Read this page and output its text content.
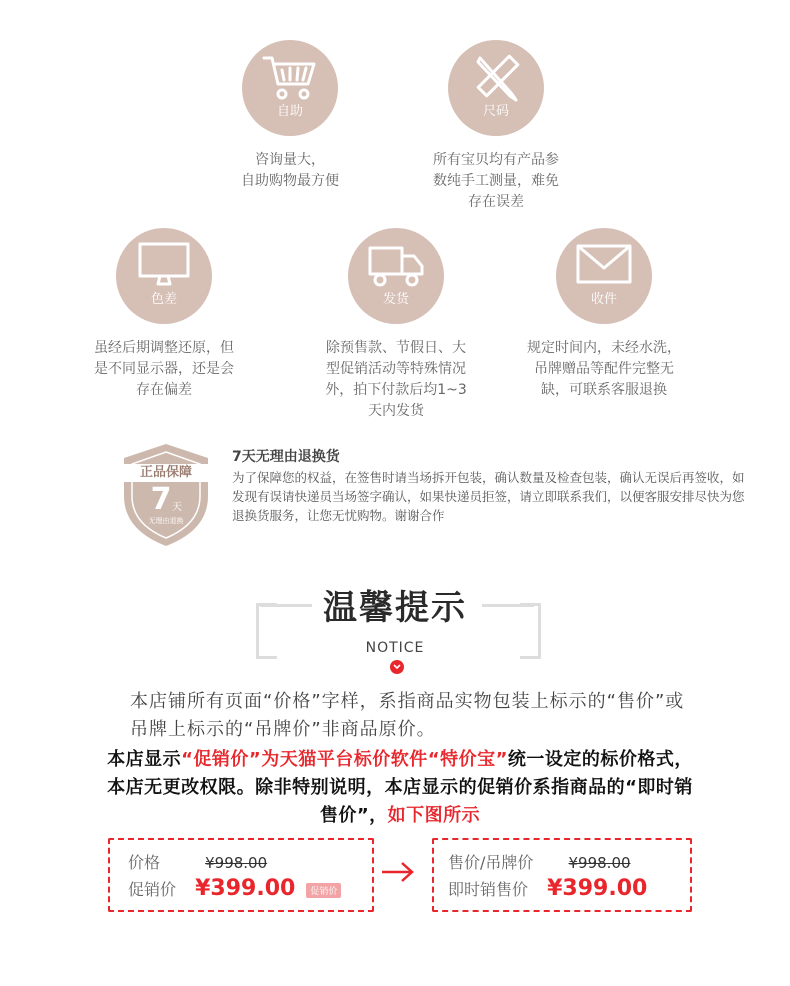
自助
咨询量大，
自助购物最方便
尺码
所有宝贝均有产品参
数纯手工测量，难免
存在误差
色差
虽经后期调整还原，但
是不同显示器，还是会
存在偏差
发货
除预售款、节假日、大
型促销活动等特殊情况
外，拍下付款后均1~3
天内发货
收件
规定时间内，未经水洗，
吊牌赠品等配件完整无
缺，可联系客服退换
正品保障
7 天
无理由退换
7天无理由退换货
为了保障您的权益，在签售时请当场拆开包装，确认数量及检查包装，确认无误后再签收，如发现有误请快递员当场签字确认，如果快递员拒签，请立即联系我们，以便客服安排尽快为您退换货服务，让您无忧购物。谢谢合作
温馨提示
NOTICE
本店铺所有页面“价格”字样，系指商品实物包装上标示的“售价”或吊牌上标示的“吊牌价”非商品原价。
本店显示“促销价”为天猫平台标价软件“特价宝”统一设定的标价格式，本店无更改权限。除非特别说明，本店显示的促销价系指商品的“即时销售价”，如下图所示
价格	¥998.00
促销价 ¥399.00 促销价
售价/吊牌价 ¥998.00
即时销售价 ¥399.00
